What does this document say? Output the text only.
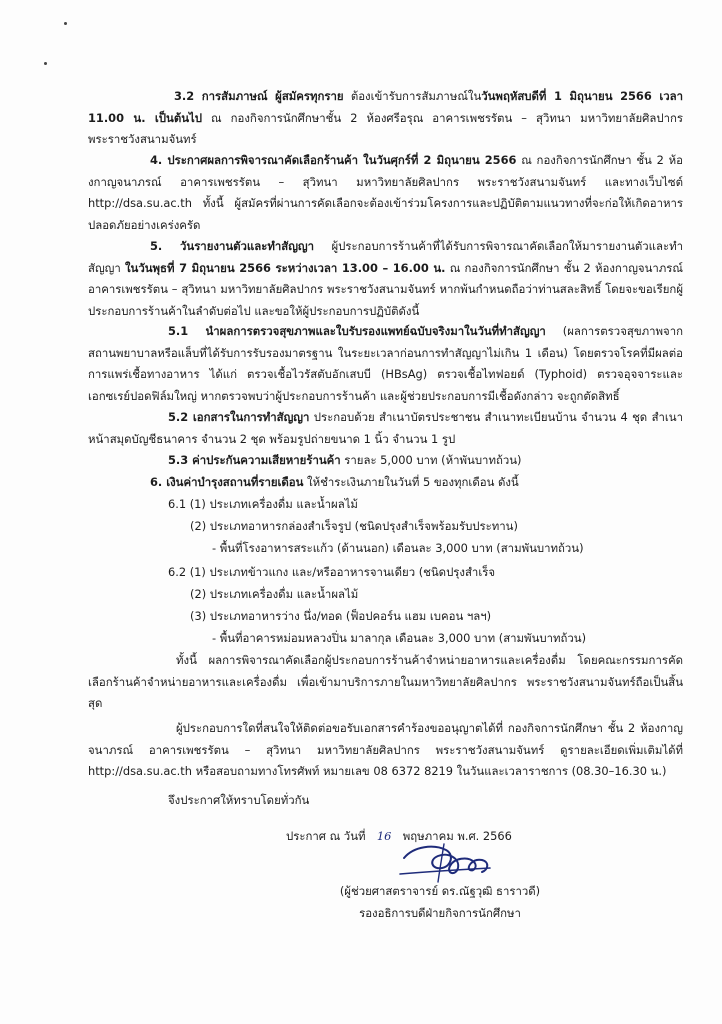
3.2 การสัมภาษณ์ ผู้สมัครทุกราย ต้องเข้ารับการสัมภาษณ์ในวันพฤหัสบดีที่ 1 มิถุนายน 2566 เวลา 11.00 น. เป็นต้นไป ณ กองกิจการนักศึกษาชั้น 2 ห้องศรีอรุณ อาคารเพชรรัตน – สุวิทนา มหาวิทยาลัยศิลปากร พระราชวังสนามจันทร์
4. ประกาศผลการพิจารณาคัดเลือกร้านค้า ในวันศุกร์ที่ 2 มิถุนายน 2566 ณ กองกิจการนักศึกษา ชั้น 2 ห้องกาญจนาภรณ์ อาคารเพชรรัตน – สุวิทนา มหาวิทยาลัยศิลปากร พระราชวังสนามจันทร์ และทางเว็บไซต์ http://dsa.su.ac.th ทั้งนี้ ผู้สมัครที่ผ่านการคัดเลือกจะต้องเข้าร่วมโครงการและปฏิบัติตามแนวทางที่จะก่อให้เกิดอาหารปลอดภัยอย่างเคร่งครัด
5. วันรายงานตัวและทำสัญญา ผู้ประกอบการร้านค้าที่ได้รับการพิจารณาคัดเลือกให้มารายงานตัวและทำสัญญา ในวันพุธที่ 7 มิถุนายน 2566 ระหว่างเวลา 13.00 – 16.00 น. ณ กองกิจการนักศึกษา ชั้น 2 ห้องกาญจนาภรณ์ อาคารเพชรรัตน – สุวิทนา มหาวิทยาลัยศิลปากร พระราชวังสนามจันทร์ หากพ้นกำหนดถือว่าท่านสละสิทธิ์ โดยจะขอเรียกผู้ประกอบการร้านค้าในลำดับต่อไป และขอให้ผู้ประกอบการปฏิบัติดังนี้
5.1 นำผลการตรวจสุขภาพและใบรับรองแพทย์ฉบับจริงมาในวันที่ทำสัญญา (ผลการตรวจสุขภาพจากสถานพยาบาลหรือแล็บที่ได้รับการรับรองมาตรฐาน ในระยะเวลาก่อนการทำสัญญาไม่เกิน 1 เดือน) โดยตรวจโรคที่มีผลต่อการแพร่เชื้อทางอาหาร ได้แก่ ตรวจเชื้อไวรัสตับอักเสบบี (HBsAg) ตรวจเชื้อไทฟอยด์ (Typhoid) ตรวจอุจจาระและเอกซเรย์ปอดฟิล์มใหญ่ หากตรวจพบว่าผู้ประกอบการร้านค้า และผู้ช่วยประกอบการมีเชื้อดังกล่าว จะถูกตัดสิทธิ์
5.2 เอกสารในการทำสัญญา ประกอบด้วย สำเนาบัตรประชาชน สำเนาทะเบียนบ้าน จำนวน 4 ชุด สำเนาหน้าสมุดบัญชีธนาคาร จำนวน 2 ชุด พร้อมรูปถ่ายขนาด 1 นิ้ว จำนวน 1 รูป
5.3 ค่าประกันความเสียหายร้านค้า รายละ 5,000 บาท (ห้าพันบาทถ้วน)
6. เงินค่าบำรุงสถานที่รายเดือน ให้ชำระเงินภายในวันที่ 5 ของทุกเดือน ดังนี้
6.1 (1) ประเภทเครื่องดื่ม และน้ำผลไม้
(2) ประเภทอาหารกล่องสำเร็จรูป (ชนิดปรุงสำเร็จพร้อมรับประทาน)
- พื้นที่โรงอาหารสระแก้ว (ด้านนอก) เดือนละ 3,000 บาท (สามพันบาทถ้วน)
6.2 (1) ประเภทข้าวแกง และ/หรืออาหารจานเดียว (ชนิดปรุงสำเร็จ
(2) ประเภทเครื่องดื่ม และน้ำผลไม้
(3) ประเภทอาหารว่าง นึ่ง/ทอด (ฟ็อปคอร์น แฮม เบคอน ฯลฯ)
- พื้นที่อาคารหม่อมหลวงปิ่น มาลากุล เดือนละ 3,000 บาท (สามพันบาทถ้วน)
ทั้งนี้ ผลการพิจารณาคัดเลือกผู้ประกอบการร้านค้าจำหน่ายอาหารและเครื่องดื่ม โดยคณะกรรมการคัดเลือกร้านค้าจำหน่ายอาหารและเครื่องดื่ม เพื่อเข้ามาบริการภายในมหาวิทยาลัยศิลปากร พระราชวังสนามจันทร์ถือเป็นสิ้นสุด
ผู้ประกอบการใดที่สนใจให้ติดต่อขอรับเอกสารคำร้องขออนุญาตได้ที่ กองกิจการนักศึกษา ชั้น 2 ห้องกาญจนาภรณ์ อาคารเพชรรัตน – สุวิทนา มหาวิทยาลัยศิลปากร พระราชวังสนามจันทร์ ดูรายละเอียดเพิ่มเติมได้ที่ http://dsa.su.ac.th หรือสอบถามทางโทรศัพท์ หมายเลข 08 6372 8219 ในวันและเวลาราชการ (08.30–16.30 น.)
จึงประกาศให้ทราบโดยทั่วกัน
ประกาศ ณ วันที่ 16 พฤษภาคม พ.ศ. 2566
(ผู้ช่วยศาสตราจารย์ ดร.ณัฐวุฒิ ธาราวดี)
รองอธิการบดีฝ่ายกิจการนักศึกษา
